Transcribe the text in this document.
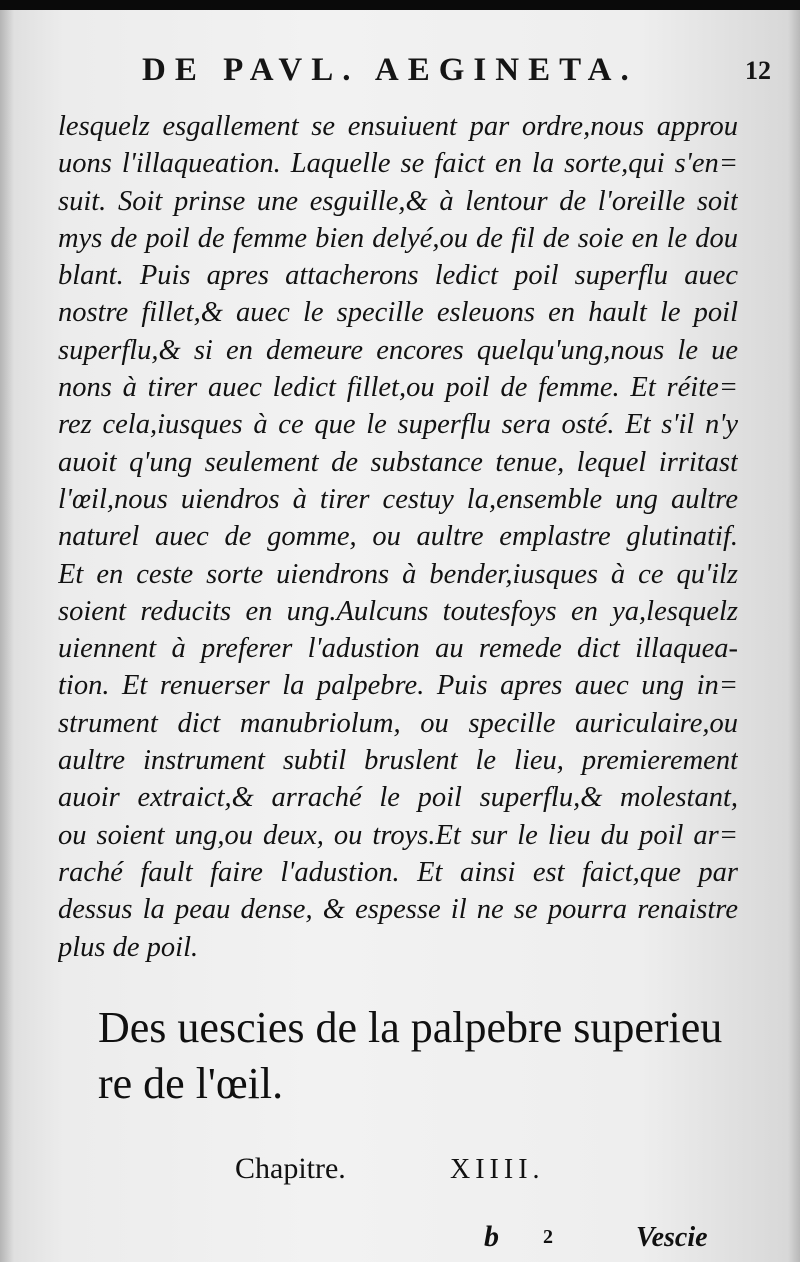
DE PAVL. AEGINETA.	12
lesquelz esgallement se ensuiuent par ordre,nous approu
uons l'illaqueation. Laquelle se faict en la sorte,qui s'en=
suit. Soit prinse une esguille,& à lentour de l'oreille soit
mys de poil de femme bien delyé,ou de fil de soie en le dou
blant. Puis apres attacherons ledict poil superflu auec
nostre fillet,& auec le specille esleuons en hault le poil
superflu,& si en demeure encores quelqu'ung,nous le ue
nons à tirer auec ledict fillet,ou poil de femme. Et réite=
rez cela,iusques à ce que le superflu sera osté. Et s'il n'y
auoit q'ung seulement de substance tenue, lequel irritast
l'œil,nous uiendros à tirer cestuy la,ensemble ung aultre
naturel auec de gomme, ou aultre emplastre glutinatif.
Et en ceste sorte uiendrons à bender,iusques à ce qu'ilz
soient reducits en ung.Aulcuns toutesfoys en ya,lesquelz
uiennent à preferer l'adustion au remede dict illaquea-
tion. Et renuerser la palpebre. Puis apres auec ung in=
strument dict manubriolum, ou specille auriculaire,ou
aultre instrument subtil bruslent le lieu, premierement
auoir extraict,& arraché le poil superflu,& molestant,
ou soient ung,ou deux, ou troys.Et sur le lieu du poil ar=
raché fault faire l'adustion. Et ainsi est faict,que par
dessus la peau dense, & espesse il ne se pourra renaistre
plus de poil.
Des uescies de la palpebre superieu
re de l'œil.
Chapitre.	XIIII.
b 2	Vescie
